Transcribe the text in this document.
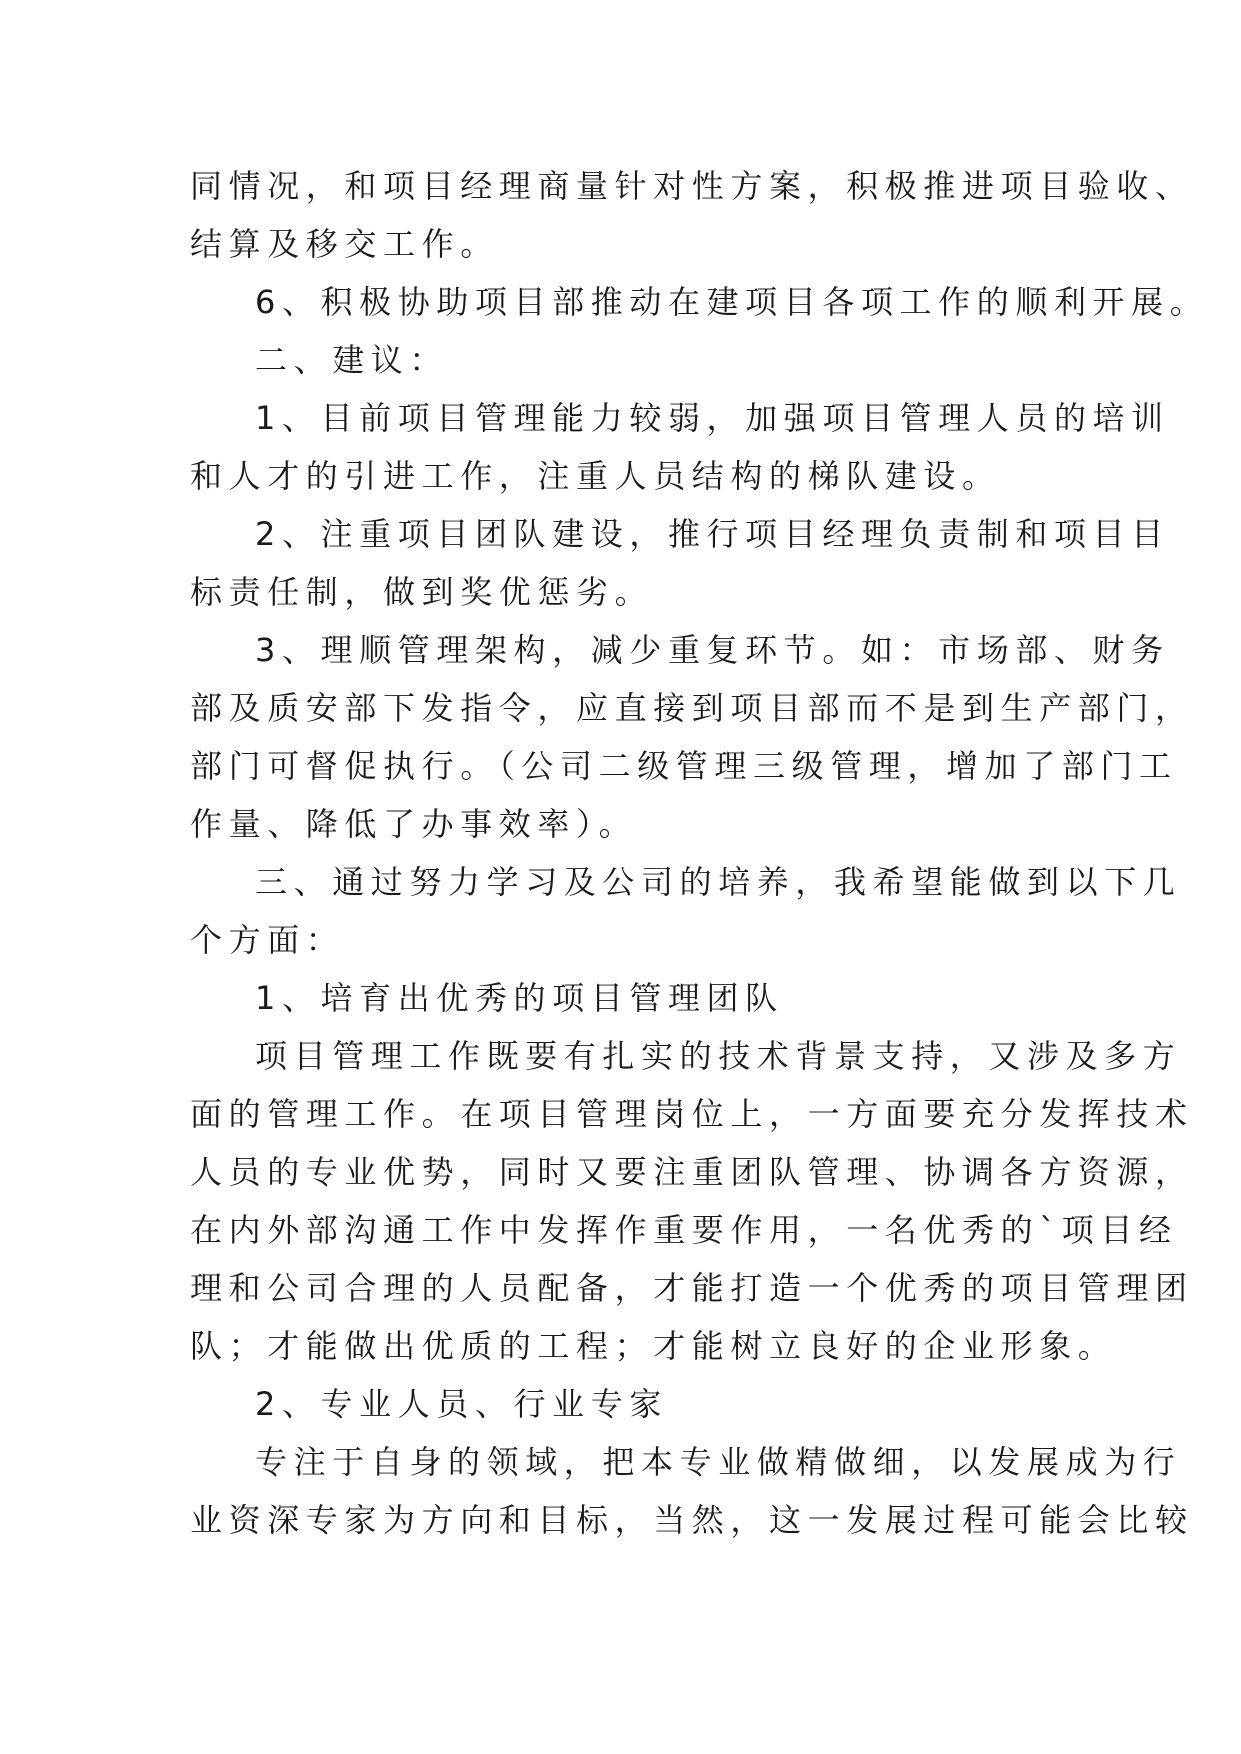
同情况，和项目经理商量针对性方案，积极推进项目验收、
结算及移交工作。
6、积极协助项目部推动在建项目各项工作的顺利开展。
二、建议：
1、目前项目管理能力较弱，加强项目管理人员的培训
和人才的引进工作，注重人员结构的梯队建设。
2、注重项目团队建设，推行项目经理负责制和项目目
标责任制，做到奖优惩劣。
3、理顺管理架构，减少重复环节。如：市场部、财务
部及质安部下发指令，应直接到项目部而不是到生产部门，
部门可督促执行。（公司二级管理三级管理，增加了部门工
作量、降低了办事效率）。
三、通过努力学习及公司的培养，我希望能做到以下几
个方面：
1、培育出优秀的项目管理团队
项目管理工作既要有扎实的技术背景支持，又涉及多方
面的管理工作。在项目管理岗位上，一方面要充分发挥技术
人员的专业优势，同时又要注重团队管理、协调各方资源，
在内外部沟通工作中发挥作重要作用，一名优秀的`项目经
理和公司合理的人员配备，才能打造一个优秀的项目管理团
队；才能做出优质的工程；才能树立良好的企业形象。
2、专业人员、行业专家
专注于自身的领域，把本专业做精做细，以发展成为行
业资深专家为方向和目标，当然，这一发展过程可能会比较
